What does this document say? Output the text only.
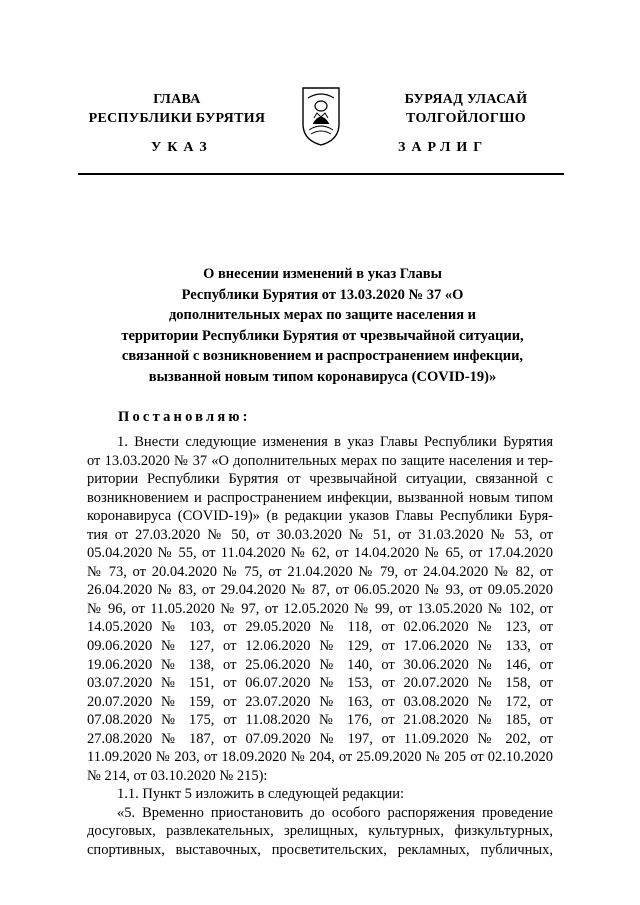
ГЛАВА
РЕСПУБЛИКИ БУРЯТИЯ
БУРЯАД УЛАСАЙ
ТОЛГОЙЛОГШО
УКАЗ	ЗАРЛИГ
О внесении изменений в указ Главы
Республики Бурятия от 13.03.2020 № 37 «О
дополнительных мерах по защите населения и
территории Республики Бурятия от чрезвычайной ситуации,
связанной с возникновением и распространением инфекции,
вызванной новым типом коронавируса (COVID-19)»
Постановляю:
1. Внести следующие изменения в указ Главы Республики Бурятия
от 13.03.2020 № 37 «О дополнительных мерах по защите населения и тер-
ритории Республики Бурятия от чрезвычайной ситуации, связанной с
возникновением и распространением инфекции, вызванной новым типом
коронавируса (COVID-19)» (в редакции указов Главы Республики Буря-
тия от 27.03.2020 № 50, от 30.03.2020 № 51, от 31.03.2020 № 53, от
05.04.2020 № 55, от 11.04.2020 № 62, от 14.04.2020 № 65, от 17.04.2020
№ 73, от 20.04.2020 № 75, от 21.04.2020 № 79, от 24.04.2020 № 82, от
26.04.2020 № 83, от 29.04.2020 № 87, от 06.05.2020 № 93, от 09.05.2020
№ 96, от 11.05.2020 № 97, от 12.05.2020 № 99, от 13.05.2020 № 102, от
14.05.2020 № 103, от 29.05.2020 № 118, от 02.06.2020 № 123, от
09.06.2020 № 127, от 12.06.2020 № 129, от 17.06.2020 № 133, от
19.06.2020 № 138, от 25.06.2020 № 140, от 30.06.2020 № 146, от
03.07.2020 № 151, от 06.07.2020 № 153, от 20.07.2020 № 158, от
20.07.2020 № 159, от 23.07.2020 № 163, от 03.08.2020 № 172, от
07.08.2020 № 175, от 11.08.2020 № 176, от 21.08.2020 № 185, от
27.08.2020 № 187, от 07.09.2020 № 197, от 11.09.2020 № 202, от
11.09.2020 № 203, от 18.09.2020 № 204, от 25.09.2020 № 205 от 02.10.2020
№ 214, от 03.10.2020 № 215):
1.1. Пункт 5 изложить в следующей редакции:
«5. Временно приостановить до особого распоряжения проведение
досуговых, развлекательных, зрелищных, культурных, физкультурных,
спортивных, выставочных, просветительских, рекламных, публичных,
